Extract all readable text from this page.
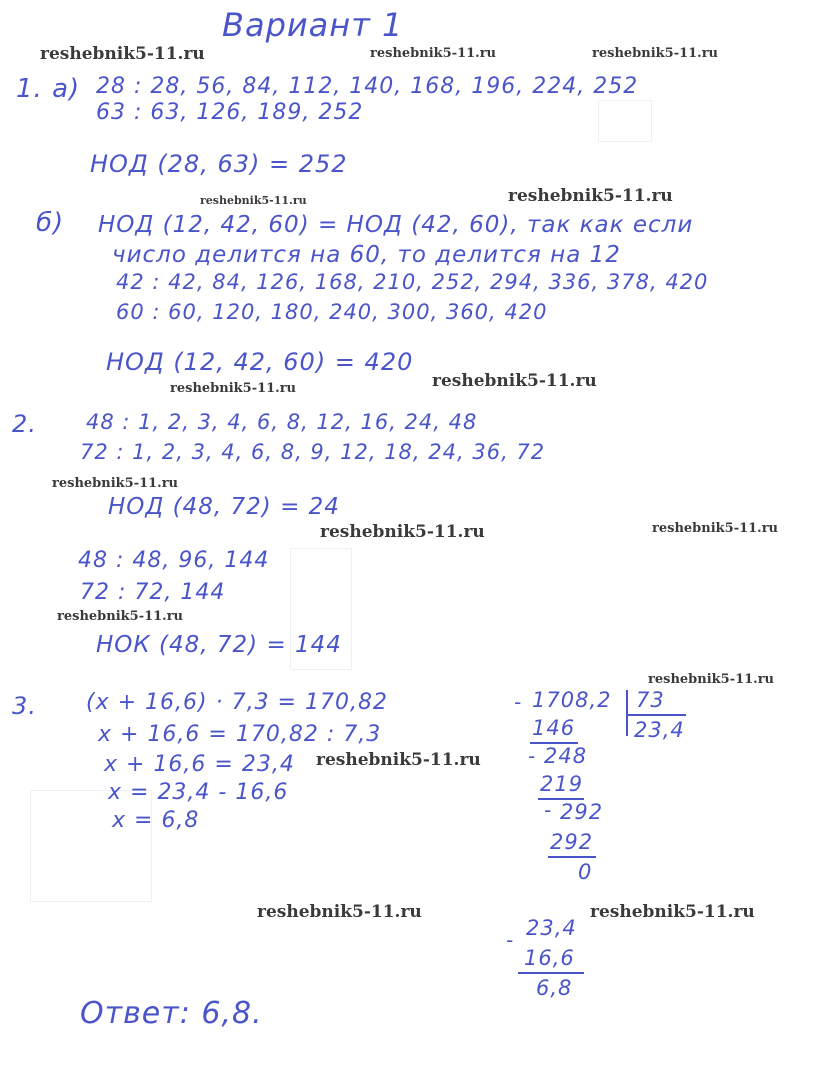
Вариант 1
reshebnik5-11.ru	reshebnik5-11.ru	reshebnik5-11.ru
reshebnik5-11.ru	reshebnik5-11.ru
reshebnik5-11.ru	reshebnik5-11.ru
reshebnik5-11.ru
reshebnik5-11.ru	reshebnik5-11.ru
reshebnik5-11.ru
reshebnik5-11.ru
reshebnik5-11.ru
reshebnik5-11.ru	reshebnik5-11.ru
1. а) 28 : 28, 56, 84, 112, 140, 168, 196, 224, 252
63 : 63, 126, 189, 252
НОД (28, 63) = 252
б) НОД (12, 42, 60) = НОД (42, 60), так как если
число делится на 60, то делится на 12
42 : 42, 84, 126, 168, 210, 252, 294, 336, 378, 420
60 : 60, 120, 180, 240, 300, 360, 420
НОД (12, 42, 60) = 420
2. 48 : 1, 2, 3, 4, 6, 8, 12, 16, 24, 48
72 : 1, 2, 3, 4, 6, 8, 9, 12, 18, 24, 36, 72
НОД (48, 72) = 24
48 : 48, 96, 144
72 : 72, 144
НОК (48, 72) = 144
3. (x + 16,6) · 7,3 = 170,82
x + 16,6 = 170,82 : 7,3
x + 16,6 = 23,4
x = 23,4 - 16,6
x = 6,8
- 1708,2 73
23,4
146
- 248
219
- 292
292
0
- 23,4
16,6
6,8
Ответ: 6,8.
